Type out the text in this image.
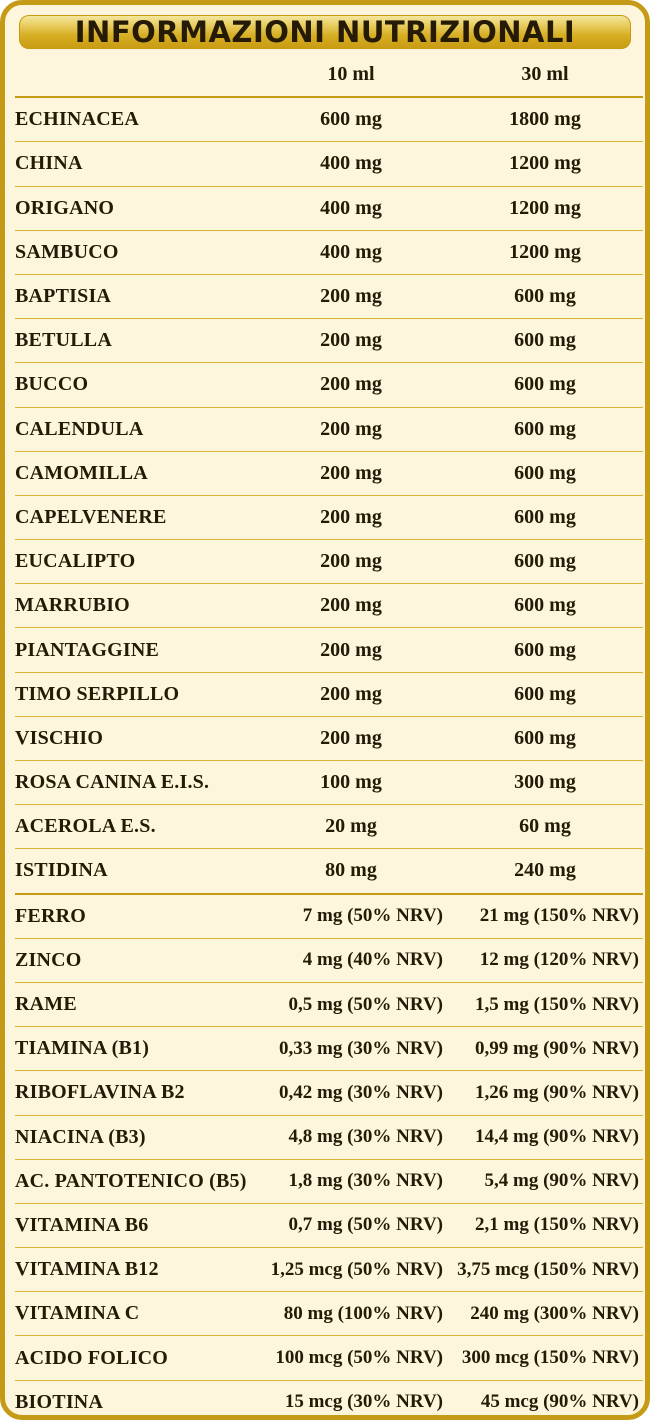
INFORMAZIONI NUTRIZIONALI
	10 ml	30 ml
ECHINACEA	600 mg	1800 mg
CHINA	400 mg	1200 mg
ORIGANO	400 mg	1200 mg
SAMBUCO	400 mg	1200 mg
BAPTISIA	200 mg	600 mg
BETULLA	200 mg	600 mg
BUCCO	200 mg	600 mg
CALENDULA	200 mg	600 mg
CAMOMILLA	200 mg	600 mg
CAPELVENERE	200 mg	600 mg
EUCALIPTO	200 mg	600 mg
MARRUBIO	200 mg	600 mg
PIANTAGGINE	200 mg	600 mg
TIMO SERPILLO	200 mg	600 mg
VISCHIO	200 mg	600 mg
ROSA CANINA E.I.S.	100 mg	300 mg
ACEROLA E.S.	20 mg	60 mg
ISTIDINA	80 mg	240 mg
FERRO	7 mg (50% NRV)	21 mg (150% NRV)
ZINCO	4 mg (40% NRV)	12 mg (120% NRV)
RAME	0,5 mg (50% NRV)	1,5 mg (150% NRV)
TIAMINA (B1)	0,33 mg (30% NRV)	0,99 mg (90% NRV)
RIBOFLAVINA B2	0,42 mg (30% NRV)	1,26 mg (90% NRV)
NIACINA (B3)	4,8 mg (30% NRV)	14,4 mg (90% NRV)
AC. PANTOTENICO (B5)	1,8 mg (30% NRV)	5,4 mg (90% NRV)
VITAMINA B6	0,7 mg (50% NRV)	2,1 mg (150% NRV)
VITAMINA B12	1,25 mcg (50% NRV)	3,75 mcg (150% NRV)
VITAMINA C	80 mg (100% NRV)	240 mg (300% NRV)
ACIDO FOLICO	100 mcg (50% NRV)	300 mcg (150% NRV)
BIOTINA	15 mcg (30% NRV)	45 mcg (90% NRV)
